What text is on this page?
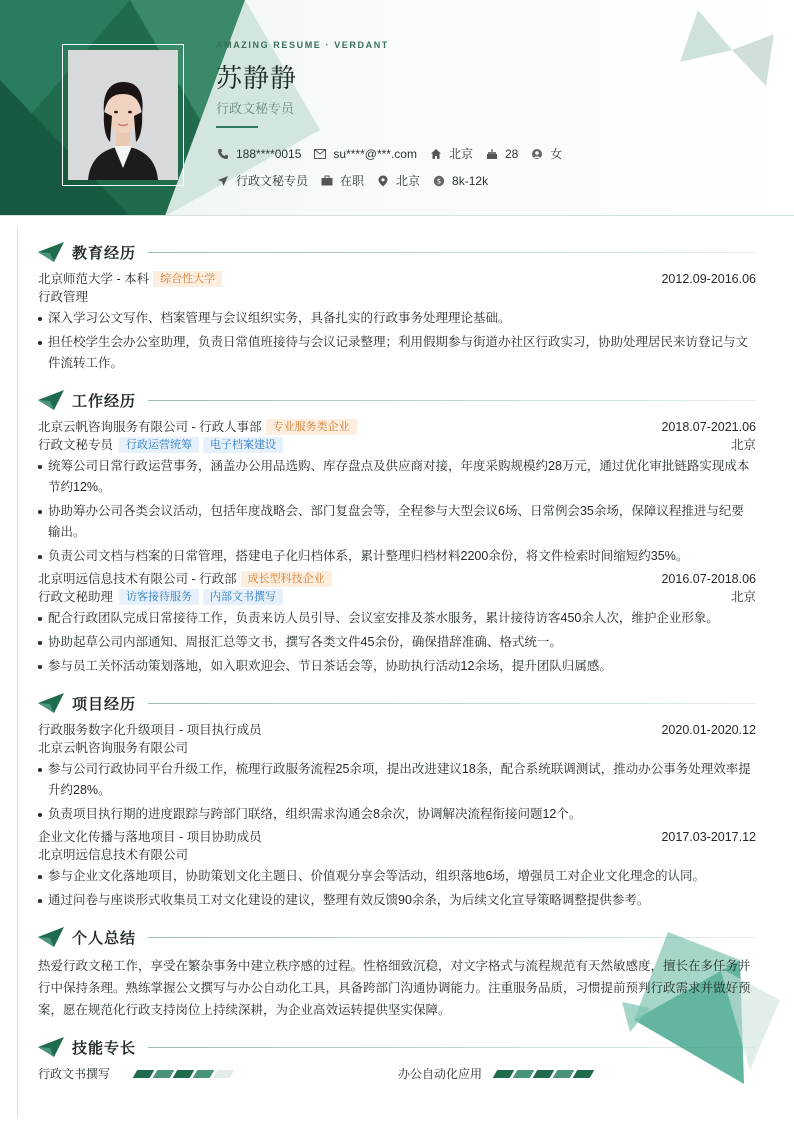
AMAZING RESUME · VERDANT
苏静静
行政文秘专员
188****0015	su****@***.com	北京	28	女
行政文秘专员	在职	北京 $ 8k-12k
教育经历
北京师范大学 - 本科	综合性大学	2012.09-2016.06
行政管理
深入学习公文写作、档案管理与会议组织实务，具备扎实的行政事务处理理论基础。
担任校学生会办公室助理，负责日常值班接待与会议记录整理；利用假期参与街道办社区行政实习，协助处理居民来访登记与文件流转工作。
工作经历
北京云帆咨询服务有限公司 - 行政人事部	专业服务类企业	2018.07-2021.06
行政文秘专员	行政运营统筹	电子档案建设	北京
统筹公司日常行政运营事务，涵盖办公用品选购、库存盘点及供应商对接，年度采购规模约28万元，通过优化审批链路实现成本节约12%。
协助筹办公司各类会议活动，包括年度战略会、部门复盘会等，全程参与大型会议6场、日常例会35余场，保障议程推进与纪要输出。
负责公司文档与档案的日常管理，搭建电子化归档体系，累计整理归档材料2200余份，将文件检索时间缩短约35%。
北京明远信息技术有限公司 - 行政部	成长型科技企业	2016.07-2018.06
行政文秘助理	访客接待服务	内部文书撰写	北京
配合行政团队完成日常接待工作，负责来访人员引导、会议室安排及茶水服务，累计接待访客450余人次，维护企业形象。
协助起草公司内部通知、周报汇总等文书，撰写各类文件45余份，确保措辞准确、格式统一。
参与员工关怀活动策划落地，如入职欢迎会、节日茶话会等，协助执行活动12余场，提升团队归属感。
项目经历
行政服务数字化升级项目 - 项目执行成员	2020.01-2020.12
北京云帆咨询服务有限公司
参与公司行政协同平台升级工作，梳理行政服务流程25余项，提出改进建议18条，配合系统联调测试，推动办公事务处理效率提升约28%。
负责项目执行期的进度跟踪与跨部门联络，组织需求沟通会8余次，协调解决流程衔接问题12个。
企业文化传播与落地项目 - 项目协助成员	2017.03-2017.12
北京明远信息技术有限公司
参与企业文化落地项目，协助策划文化主题日、价值观分享会等活动，组织落地6场，增强员工对企业文化理念的认同。
通过问卷与座谈形式收集员工对文化建设的建议，整理有效反馈90余条，为后续文化宣导策略调整提供参考。
个人总结

热爱行政文秘工作，享受在繁杂事务中建立秩序感的过程。性格细致沉稳，对文字格式与流程规范有天然敏感度，擅长在多任务并行中保持条理。熟练掌握公文撰写与办公自动化工具，具备跨部门沟通协调能力。注重服务品质，习惯提前预判行政需求并做好预案，愿在规范化行政支持岗位上持续深耕，为企业高效运转提供坚实保障。

技能专长
行政文书撰写	办公自动化应用
